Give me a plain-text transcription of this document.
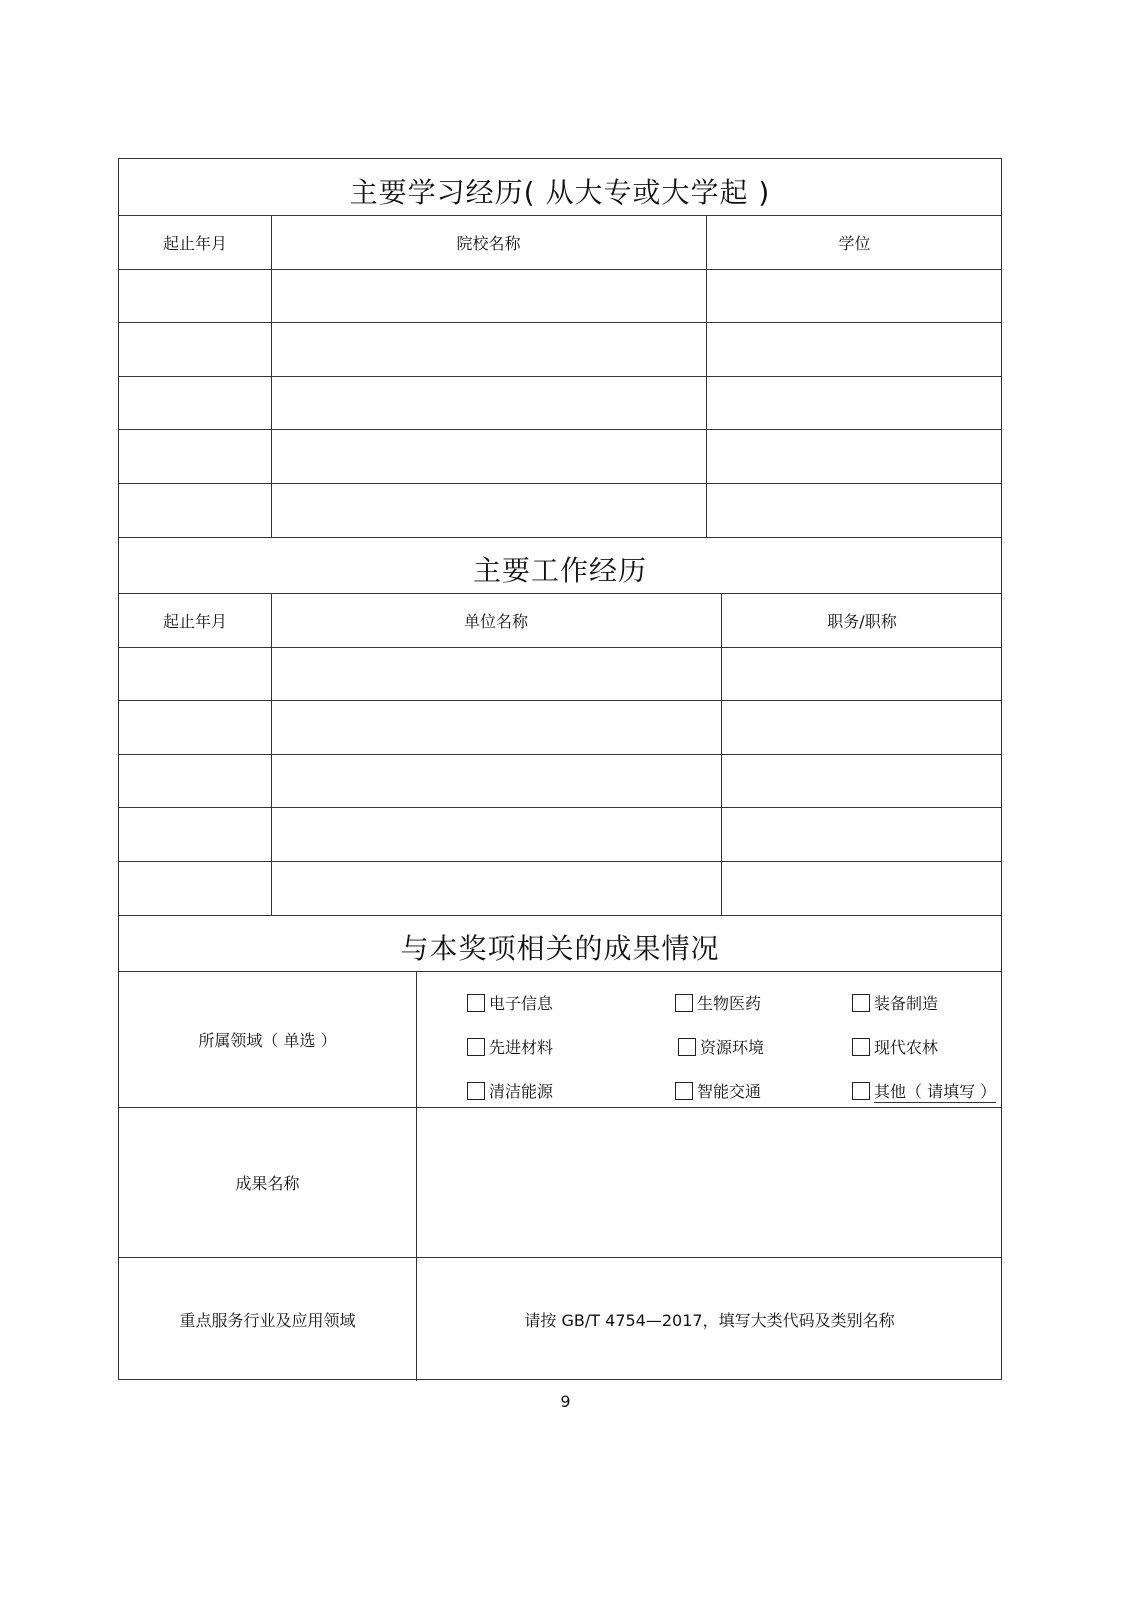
主要学习经历( 从大专或大学起 )
起止年月	院校名称	学位
主要工作经历
起止年月	单位名称	职务/职称
与本奖项相关的成果情况
所属领域（ 单选 ）
电子信息	生物医药	装备制造
先进材料	资源环境	现代农林
清洁能源	智能交通	其他（ 请填写 ）
成果名称
重点服务行业及应用领域	请按 GB/T 4754—2017，填写大类代码及类别名称
9
